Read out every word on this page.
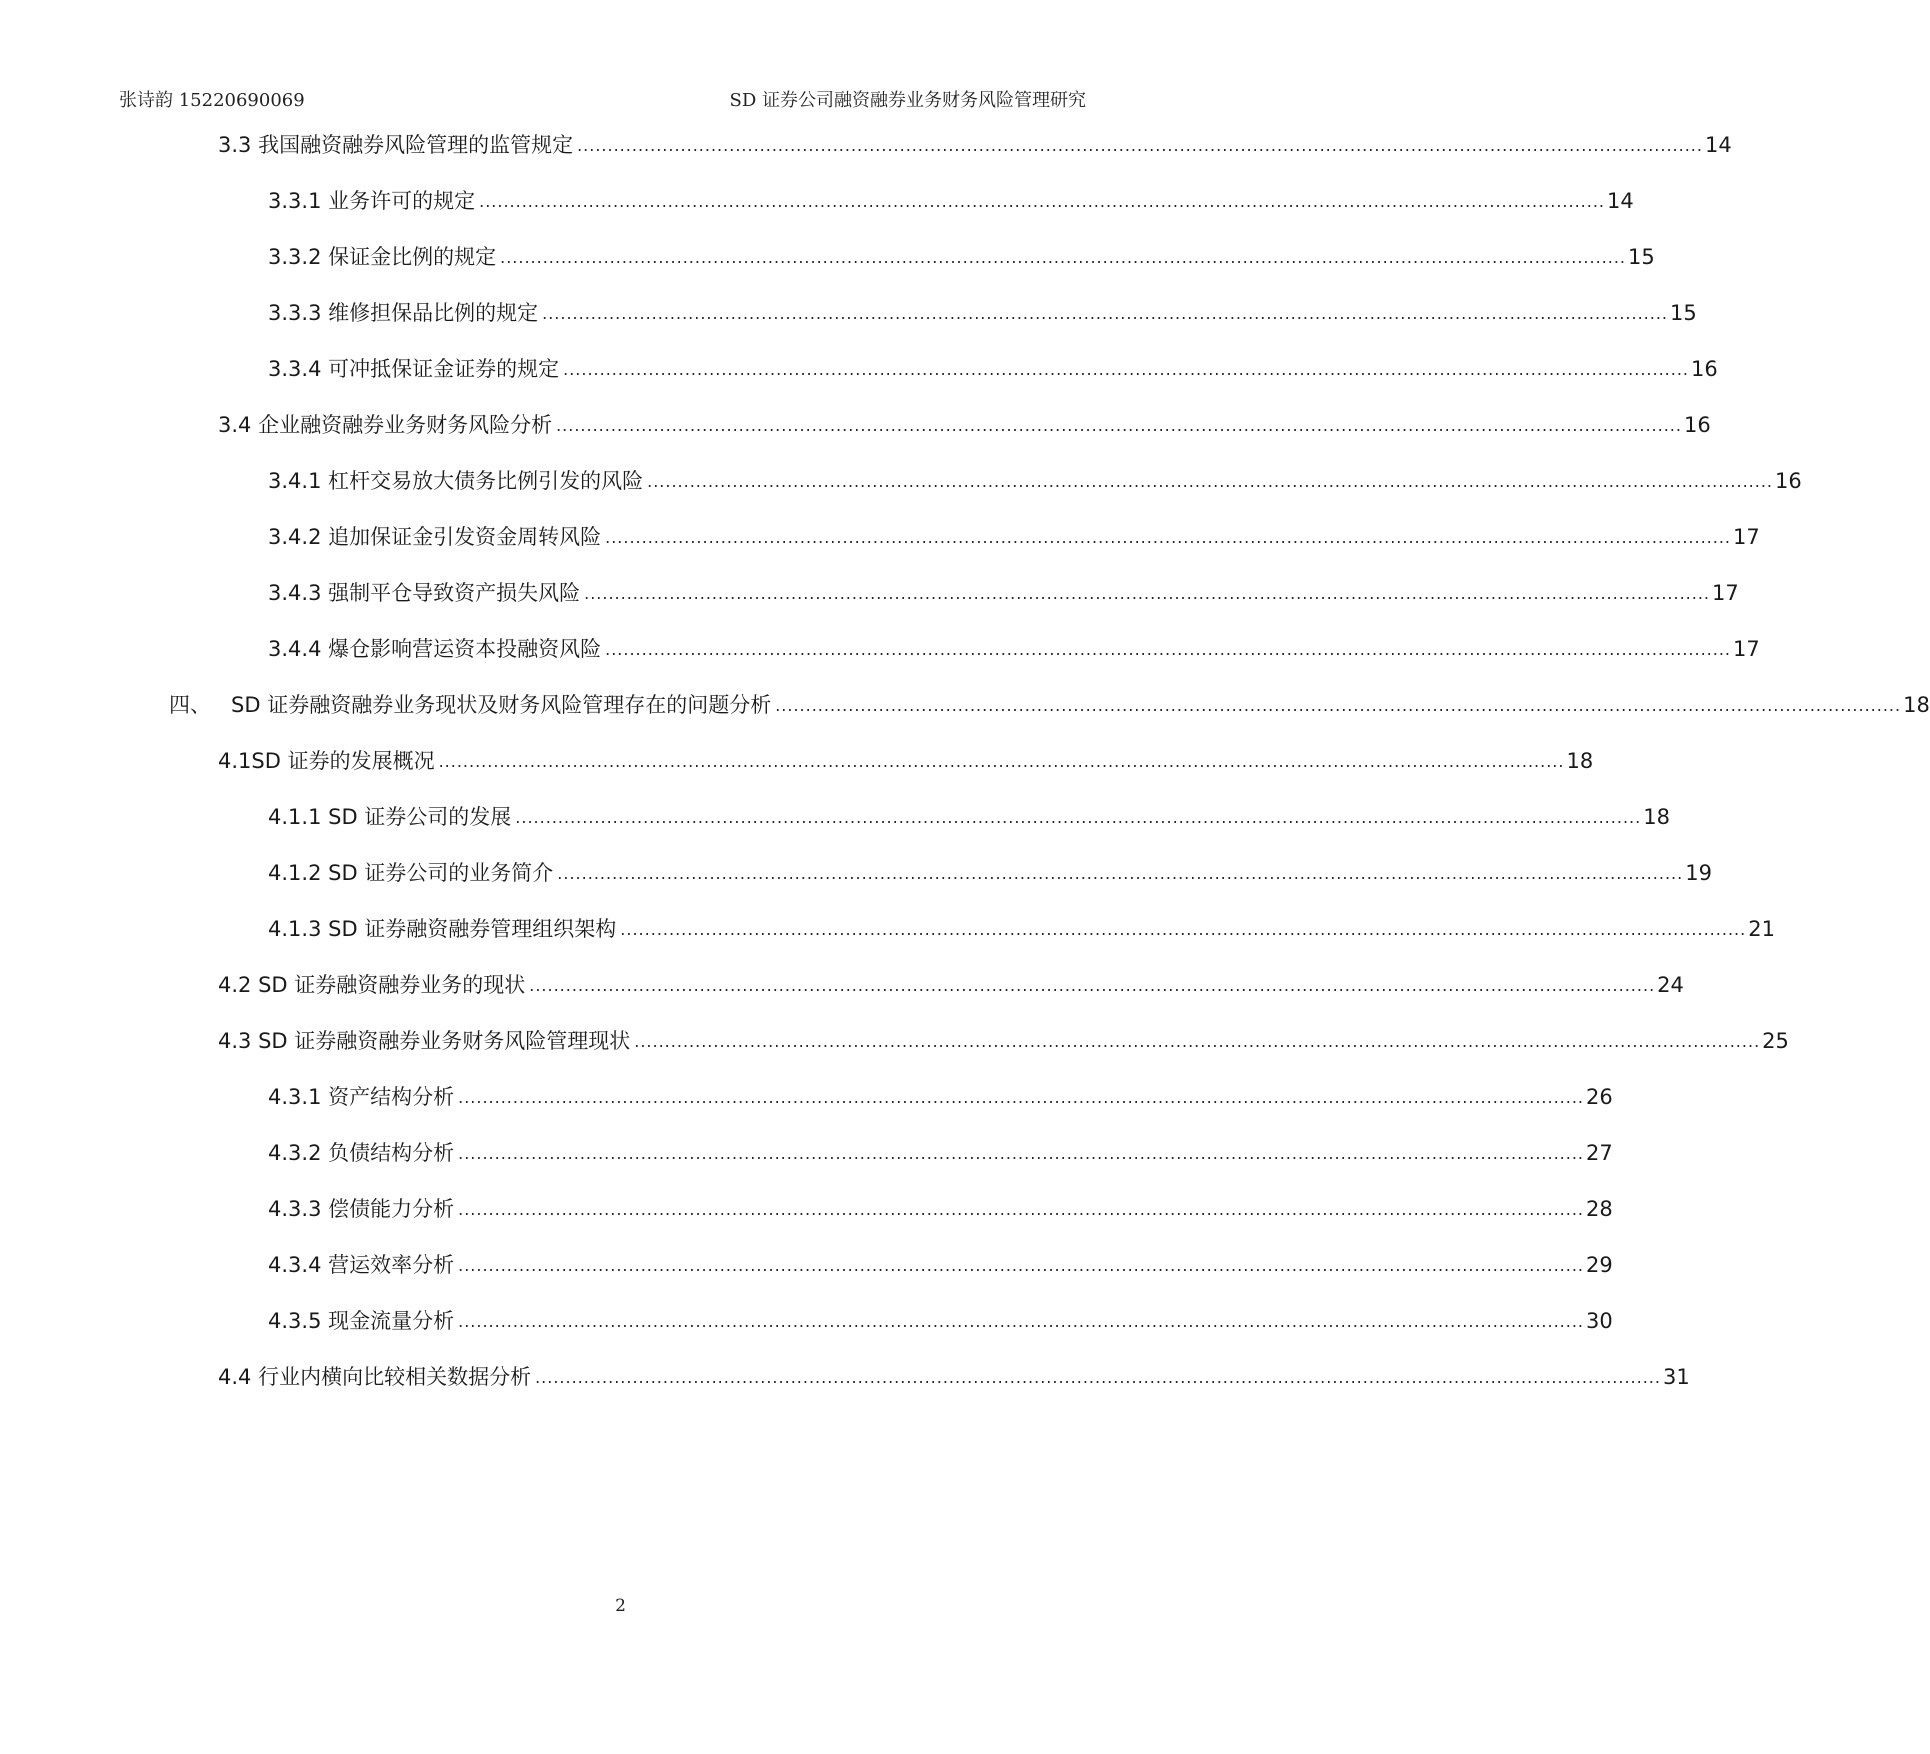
张诗韵 15220690069	SD 证券公司融资融券业务财务风险管理研究
3.3 我国融资融券风险管理的监管规定 ......................................................................................................................................................................................... 14
3.3.1 业务许可的规定 ......................................................................................................................................................................................... 14
3.3.2 保证金比例的规定 ......................................................................................................................................................................................... 15
3.3.3 维修担保品比例的规定 ......................................................................................................................................................................................... 15
3.3.4 可冲抵保证金证券的规定 ......................................................................................................................................................................................... 16
3.4 企业融资融券业务财务风险分析 ......................................................................................................................................................................................... 16
3.4.1 杠杆交易放大债务比例引发的风险 ......................................................................................................................................................................................... 16
3.4.2 追加保证金引发资金周转风险 ......................................................................................................................................................................................... 17
3.4.3 强制平仓导致资产损失风险 ......................................................................................................................................................................................... 17
3.4.4 爆仓影响营运资本投融资风险 ......................................................................................................................................................................................... 17
四、   SD 证券融资融券业务现状及财务风险管理存在的问题分析 ......................................................................................................................................................................................... 18
4.1SD 证券的发展概况 ......................................................................................................................................................................................... 18
4.1.1 SD 证券公司的发展 ......................................................................................................................................................................................... 18
4.1.2 SD 证券公司的业务简介 ......................................................................................................................................................................................... 19
4.1.3 SD 证券融资融券管理组织架构 ......................................................................................................................................................................................... 21
4.2 SD 证券融资融券业务的现状 ......................................................................................................................................................................................... 24
4.3 SD 证券融资融券业务财务风险管理现状 ......................................................................................................................................................................................... 25
4.3.1 资产结构分析 ......................................................................................................................................................................................... 26
4.3.2 负债结构分析 ......................................................................................................................................................................................... 27
4.3.3 偿债能力分析 ......................................................................................................................................................................................... 28
4.3.4 营运效率分析 ......................................................................................................................................................................................... 29
4.3.5 现金流量分析 ......................................................................................................................................................................................... 30
4.4 行业内横向比较相关数据分析 ......................................................................................................................................................................................... 31
2
